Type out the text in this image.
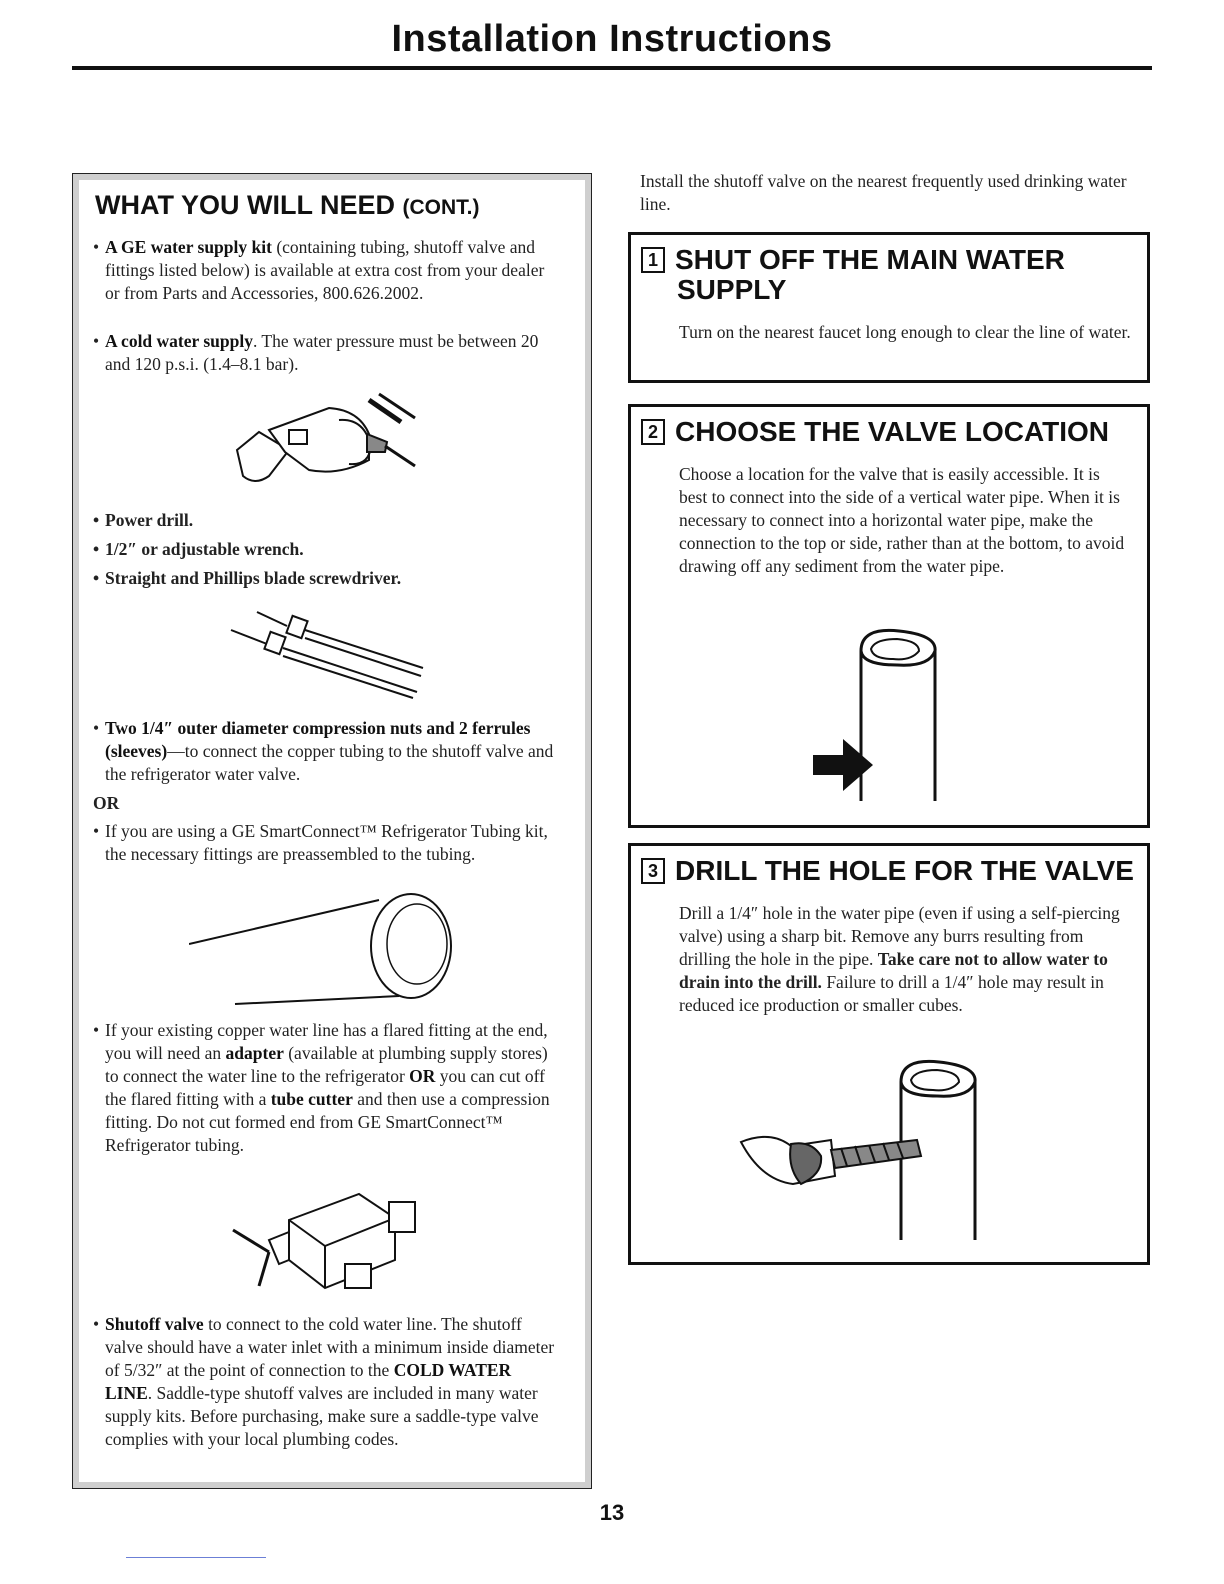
Installation Instructions
WHAT YOU WILL NEED (CONT.)
• A GE water supply kit (containing tubing, shutoff valve and fittings listed below) is available at extra cost from your dealer or from Parts and Accessories, 800.626.2002.
• A cold water supply. The water pressure must be between 20 and 120 p.s.i. (1.4–8.1 bar).
• Power drill.
• 1/2″ or adjustable wrench.
• Straight and Phillips blade screwdriver.
• Two 1/4″ outer diameter compression nuts and 2 ferrules (sleeves)—to connect the copper tubing to the shutoff valve and the refrigerator water valve.
OR
• If you are using a GE SmartConnect™ Refrigerator Tubing kit, the necessary fittings are preassembled to the tubing.
• If your existing copper water line has a flared fitting at the end, you will need an adapter (available at plumbing supply stores) to connect the water line to the refrigerator OR you can cut off the flared fitting with a tube cutter and then use a compression fitting. Do not cut formed end from GE SmartConnect™ Refrigerator tubing.
• Shutoff valve to connect to the cold water line. The shutoff valve should have a water inlet with a minimum inside diameter of 5/32″ at the point of connection to the COLD WATER LINE. Saddle-type shutoff valves are included in many water supply kits. Before purchasing, make sure a saddle-type valve complies with your local plumbing codes.
Install the shutoff valve on the nearest frequently used drinking water line.
1 SHUT OFF THE MAIN WATER
SUPPLY
Turn on the nearest faucet long enough to clear the line of water.
2 CHOOSE THE VALVE LOCATION
Choose a location for the valve that is easily accessible. It is best to connect into the side of a vertical water pipe. When it is necessary to connect into a horizontal water pipe, make the connection to the top or side, rather than at the bottom, to avoid drawing off any sediment from the water pipe.
3 DRILL THE HOLE FOR THE VALVE
Drill a 1/4″ hole in the water pipe (even if using a self-piercing valve) using a sharp bit. Remove any burrs resulting from drilling the hole in the pipe. Take care not to allow water to drain into the drill. Failure to drill a 1/4″ hole may result in reduced ice production or smaller cubes.
13
